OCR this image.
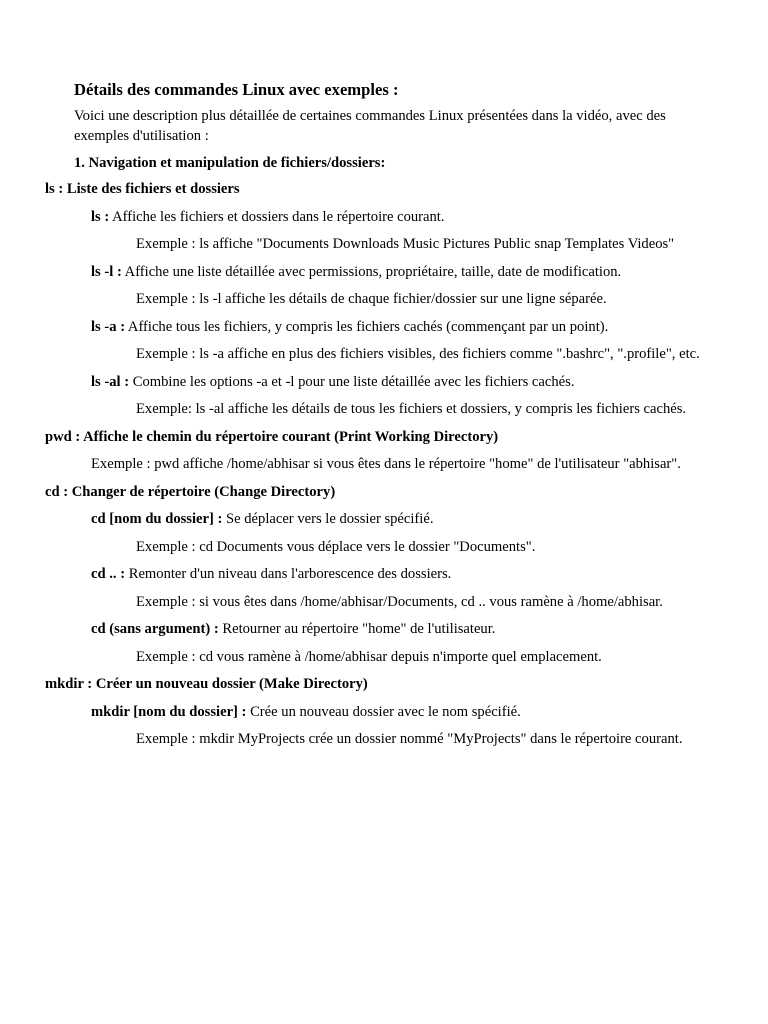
Détails des commandes Linux avec exemples :

Voici une description plus détaillée de certaines commandes Linux présentées dans la vidéo, avec des exemples d'utilisation :

1. Navigation et manipulation de fichiers/dossiers:

ls : Liste des fichiers et dossiers
ls : Affiche les fichiers et dossiers dans le répertoire courant.
Exemple : ls affiche "Documents Downloads Music Pictures Public snap Templates Videos"
ls -l : Affiche une liste détaillée avec permissions, propriétaire, taille, date de modification.
Exemple : ls -l affiche les détails de chaque fichier/dossier sur une ligne séparée.
ls -a : Affiche tous les fichiers, y compris les fichiers cachés (commençant par un point).
Exemple : ls -a affiche en plus des fichiers visibles, des fichiers comme ".bashrc", ".profile", etc.
ls -al : Combine les options -a et -l pour une liste détaillée avec les fichiers cachés.
Exemple: ls -al affiche les détails de tous les fichiers et dossiers, y compris les fichiers cachés.
pwd : Affiche le chemin du répertoire courant (Print Working Directory)
Exemple : pwd affiche /home/abhisar si vous êtes dans le répertoire "home" de l'utilisateur "abhisar".
cd : Changer de répertoire (Change Directory)
cd [nom du dossier] : Se déplacer vers le dossier spécifié.
Exemple : cd Documents vous déplace vers le dossier "Documents".
cd .. : Remonter d'un niveau dans l'arborescence des dossiers.
Exemple : si vous êtes dans /home/abhisar/Documents, cd .. vous ramène à /home/abhisar.
cd (sans argument) : Retourner au répertoire "home" de l'utilisateur.
Exemple : cd vous ramène à /home/abhisar depuis n'importe quel emplacement.
mkdir : Créer un nouveau dossier (Make Directory)
mkdir [nom du dossier] : Crée un nouveau dossier avec le nom spécifié.
Exemple : mkdir MyProjects crée un dossier nommé "MyProjects" dans le répertoire courant.
